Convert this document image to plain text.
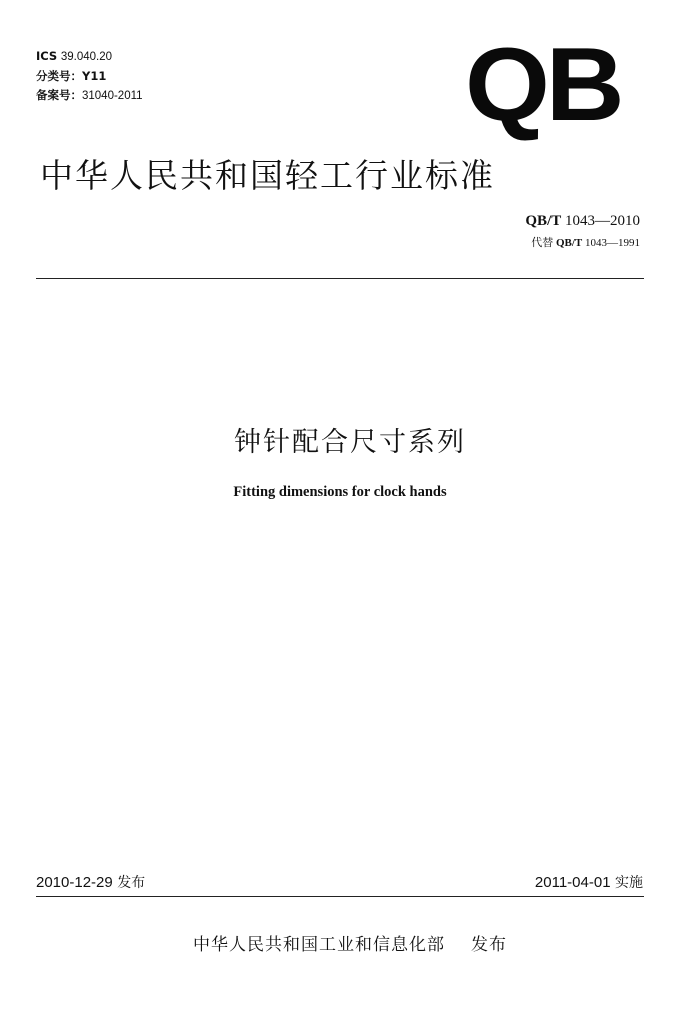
ICS 39.040.20
分类号：Y11
备案号：31040-2011	QB
中华人民共和国轻工行业标准
QB/T 1043—2010
代替 QB/T 1043—1991
钟针配合尺寸系列
Fitting dimensions for clock hands
2010-12-29 发布	2011-04-01 实施
中华人民共和国工业和信息化部 发布
